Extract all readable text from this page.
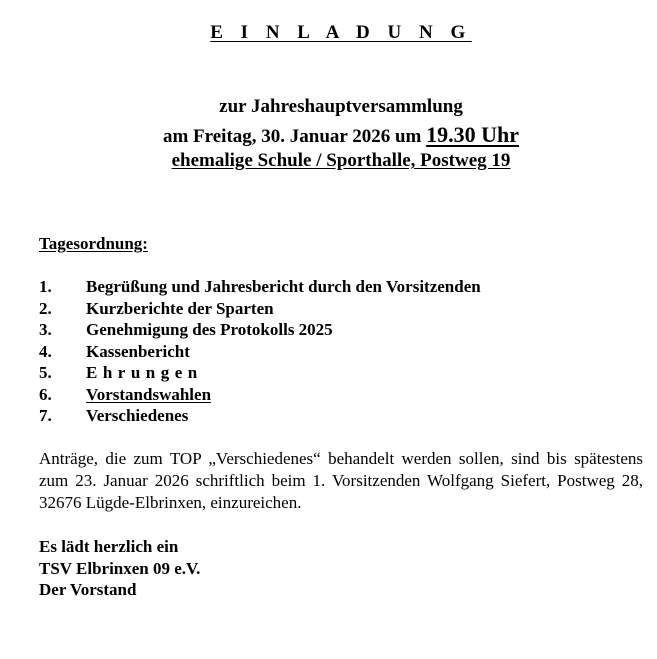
E I N L A D U N G
zur Jahreshauptversammlung
am Freitag, 30. Januar 2026 um 19.30 Uhr
ehemalige Schule / Sporthalle, Postweg 19
Tagesordnung:
1. Begrüßung und Jahresbericht durch den Vorsitzenden
2. Kurzberichte der Sparten
3. Genehmigung des Protokolls 2025
4. Kassenbericht
5. Ehrungen
6. Vorstandswahlen
7. Verschiedenes

Anträge, die zum TOP „Verschiedenes“ behandelt werden sollen, sind bis spätestens zum 23. Januar 2026 schriftlich beim 1. Vorsitzenden Wolfgang Siefert, Postweg 28, 32676 Lügde-Elbrinxen, einzureichen.

Es lädt herzlich ein
TSV Elbrinxen 09 e.V.
Der Vorstand
